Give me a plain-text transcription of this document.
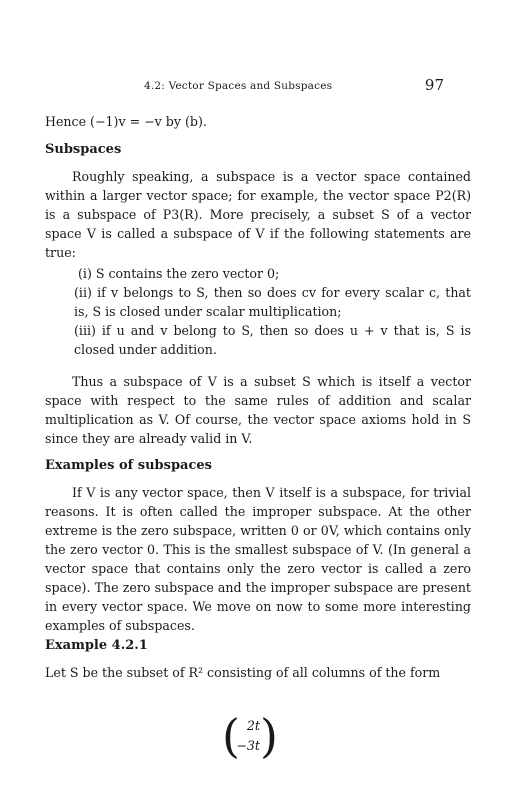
4.2: Vector Spaces and Subspaces	97
Hence (−1)v = −v by (b).
Subspaces
Roughly speaking, a subspace is a vector space contained within a larger vector space; for example, the vector space P2(R) is a subspace of P3(R). More precisely, a subset S of a vector space V is called a subspace of V if the following statements are true:
(i) S contains the zero vector 0;
(ii) if v belongs to S, then so does cv for every scalar c, that is, S is closed under scalar multiplication;
(iii) if u and v belong to S, then so does u + v that is, S is closed under addition.
Thus a subspace of V is a subset S which is itself a vector space with respect to the same rules of addition and scalar multiplication as V. Of course, the vector space axioms hold in S since they are already valid in V.
Examples of subspaces
If V is any vector space, then V itself is a subspace, for trivial reasons. It is often called the improper subspace. At the other extreme is the zero subspace, written 0 or 0V, which contains only the zero vector 0. This is the smallest subspace of V. (In general a vector space that contains only the zero vector is called a zero space). The zero subspace and the improper subspace are present in every vector space. We move on now to some more interesting examples of subspaces.
Example 4.2.1
Let S be the subset of R² consisting of all columns of the form
( 2t
−3t )
